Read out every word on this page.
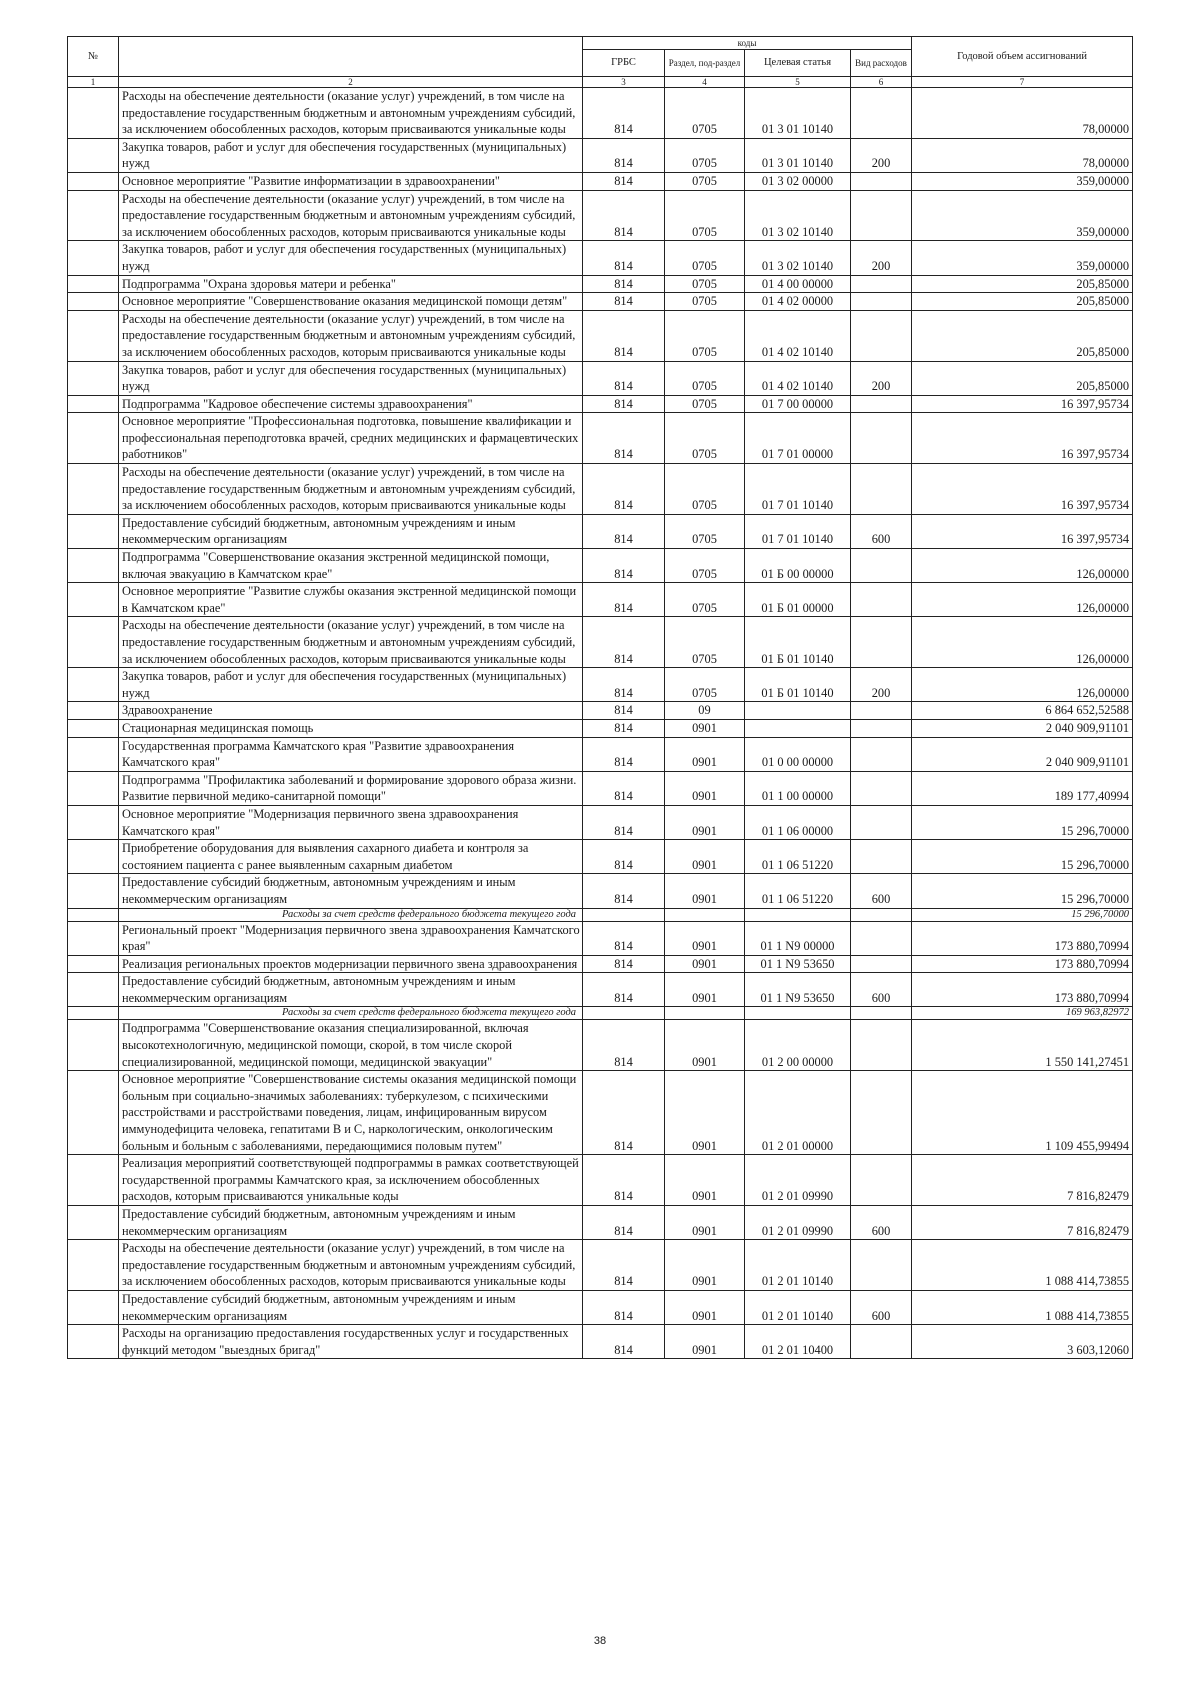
№		коды				Годовой объем ассигнований
		ГРБС	Раздел, под-раздел	Целевая статья	Вид расходов	
1	2	3	4	5	6	7
	Расходы на обеспечение деятельности (оказание услуг) учреждений, в том числе на предоставление государственным бюджетным и автономным учреждениям субсидий, за исключением обособленных расходов, которым присваиваются уникальные коды	814	0705	01 3 01 10140		78,00000
	Закупка товаров, работ и услуг для обеспечения государственных (муниципальных) нужд	814	0705	01 3 01 10140	200	78,00000
	Основное мероприятие "Развитие информатизации в здравоохранении"	814	0705	01 3 02 00000		359,00000
	Расходы на обеспечение деятельности (оказание услуг) учреждений, в том числе на предоставление государственным бюджетным и автономным учреждениям субсидий, за исключением обособленных расходов, которым присваиваются уникальные коды	814	0705	01 3 02 10140		359,00000
	Закупка товаров, работ и услуг для обеспечения государственных (муниципальных) нужд	814	0705	01 3 02 10140	200	359,00000
	Подпрограмма "Охрана здоровья матери и ребенка"	814	0705	01 4 00 00000		205,85000
	Основное мероприятие "Совершенствование оказания медицинской помощи детям"	814	0705	01 4 02 00000		205,85000
	Расходы на обеспечение деятельности (оказание услуг) учреждений, в том числе на предоставление государственным бюджетным и автономным учреждениям субсидий, за исключением обособленных расходов, которым присваиваются уникальные коды	814	0705	01 4 02 10140		205,85000
	Закупка товаров, работ и услуг для обеспечения государственных (муниципальных) нужд	814	0705	01 4 02 10140	200	205,85000
	Подпрограмма "Кадровое обеспечение системы здравоохранения"	814	0705	01 7 00 00000		16 397,95734
	Основное мероприятие "Профессиональная подготовка, повышение квалификации и профессиональная переподготовка врачей, средних медицинских и фармацевтических работников"	814	0705	01 7 01 00000		16 397,95734
	Расходы на обеспечение деятельности (оказание услуг) учреждений, в том числе на предоставление государственным бюджетным и автономным учреждениям субсидий, за исключением обособленных расходов, которым присваиваются уникальные коды	814	0705	01 7 01 10140		16 397,95734
	Предоставление субсидий бюджетным, автономным учреждениям и иным некоммерческим организациям	814	0705	01 7 01 10140	600	16 397,95734
	Подпрограмма "Совершенствование оказания экстренной медицинской помощи, включая эвакуацию в Камчатском крае"	814	0705	01 Б 00 00000		126,00000
	Основное мероприятие "Развитие службы оказания экстренной медицинской помощи в Камчатском крае"	814	0705	01 Б 01 00000		126,00000
	Расходы на обеспечение деятельности (оказание услуг) учреждений, в том числе на предоставление государственным бюджетным и автономным учреждениям субсидий, за исключением обособленных расходов, которым присваиваются уникальные коды	814	0705	01 Б 01 10140		126,00000
	Закупка товаров, работ и услуг для обеспечения государственных (муниципальных) нужд	814	0705	01 Б 01 10140	200	126,00000
	Здравоохранение	814	09			6 864 652,52588
	Стационарная медицинская помощь	814	0901			2 040 909,91101
	Государственная программа Камчатского края "Развитие здравоохранения Камчатского края"	814	0901	01 0 00 00000		2 040 909,91101
	Подпрограмма "Профилактика заболеваний и формирование здорового образа жизни. Развитие первичной медико-санитарной помощи"	814	0901	01 1 00 00000		189 177,40994
	Основное мероприятие "Модернизация первичного звена здравоохранения Камчатского края"	814	0901	01 1 06 00000		15 296,70000
	Приобретение оборудования для выявления сахарного диабета и контроля за состоянием пациента с ранее выявленным сахарным диабетом	814	0901	01 1 06 51220		15 296,70000
	Предоставление субсидий бюджетным, автономным учреждениям и иным некоммерческим организациям	814	0901	01 1 06 51220	600	15 296,70000
	Расходы за счет средств федерального бюджета текущего года					15 296,70000
	Региональный проект "Модернизация первичного звена здравоохранения Камчатского края"	814	0901	01 1 N9 00000		173 880,70994
	Реализация региональных проектов модернизации первичного звена здравоохранения	814	0901	01 1 N9 53650		173 880,70994
	Предоставление субсидий бюджетным, автономным учреждениям и иным некоммерческим организациям	814	0901	01 1 N9 53650	600	173 880,70994
	Расходы за счет средств федерального бюджета текущего года					169 963,82972
	Подпрограмма "Совершенствование оказания специализированной, включая высокотехнологичную, медицинской помощи, скорой, в том числе скорой специализированной, медицинской помощи, медицинской эвакуации"	814	0901	01 2 00 00000		1 550 141,27451
	Основное мероприятие "Совершенствование системы оказания медицинской помощи больным при социально-значимых заболеваниях: туберкулезом, с психическими расстройствами и расстройствами поведения, лицам, инфицированным вирусом иммунодефицита человека, гепатитами В и С, наркологическим, онкологическим больным и больным с заболеваниями, передающимися половым путем"	814	0901	01 2 01 00000		1 109 455,99494
	Реализация мероприятий соответствующей подпрограммы в рамках соответствующей государственной программы Камчатского края, за исключением обособленных расходов, которым присваиваются уникальные коды	814	0901	01 2 01 09990		7 816,82479
	Предоставление субсидий бюджетным, автономным учреждениям и иным некоммерческим организациям	814	0901	01 2 01 09990	600	7 816,82479
	Расходы на обеспечение деятельности (оказание услуг) учреждений, в том числе на предоставление государственным бюджетным и автономным учреждениям субсидий, за исключением обособленных расходов, которым присваиваются уникальные коды	814	0901	01 2 01 10140		1 088 414,73855
	Предоставление субсидий бюджетным, автономным учреждениям и иным некоммерческим организациям	814	0901	01 2 01 10140	600	1 088 414,73855
	Расходы на организацию предоставления государственных услуг и государственных функций методом "выездных бригад"	814	0901	01 2 01 10400		3 603,12060
38
